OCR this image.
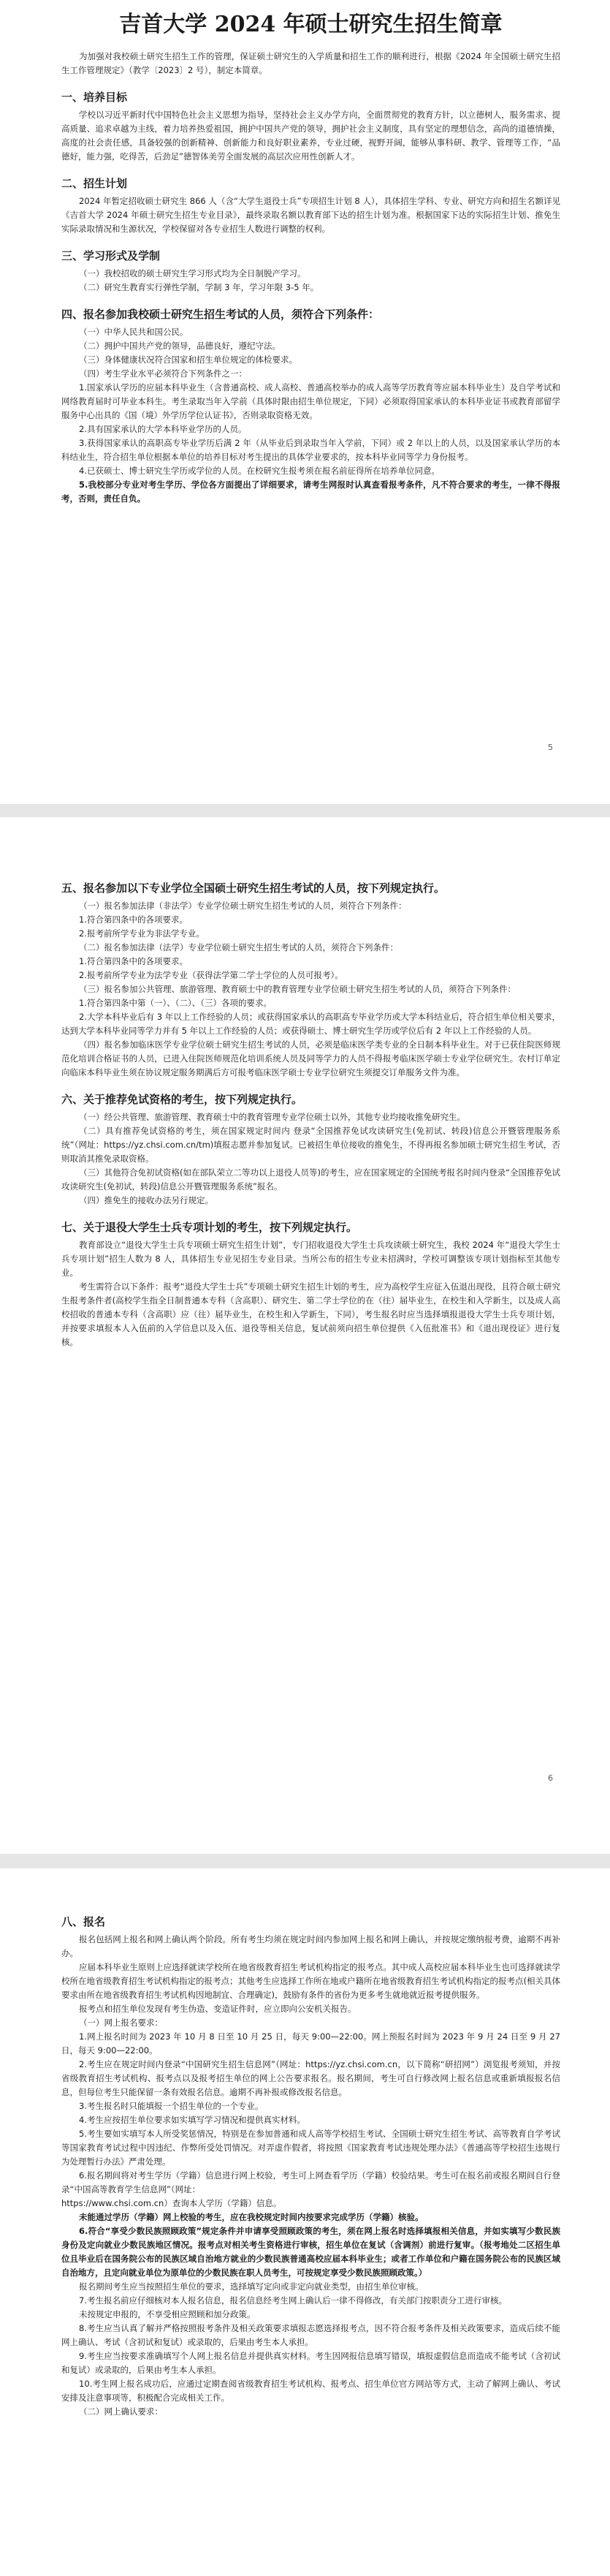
吉首大学 2024 年硕士研究生招生简章

为加强对我校硕士研究生招生工作的管理，保证硕士研究生的入学质量和招生工作的顺利进行，根据《2024 年全国硕士研究生招生工作管理规定》（教学〔2023〕2 号），制定本简章。

一、培养目标

学校以习近平新时代中国特色社会主义思想为指导，坚持社会主义办学方向，全面贯彻党的教育方针，以立德树人，服务需求、提高质量、追求卓越为主线，着力培养热爱祖国，拥护中国共产党的领导，拥护社会主义制度，具有坚定的理想信念，高尚的道德情操，高度的社会责任感，具备较强的创新精神、创新能力和良好职业素养，专业过硬，视野开阔，能够从事科研、教学、管理等工作，“品德好，能力强，吃得苦，后劲足”德智体美劳全面发展的高层次应用性创新人才。

二、招生计划

2024 年暂定招收硕士研究生 866 人（含“大学生退役士兵”专项招生计划 8 人），具体招生学科、专业、研究方向和招生名额详见《吉首大学 2024 年硕士研究生招生专业目录》，最终录取名额以教育部下达的招生计划为准。根据国家下达的实际招生计划、推免生实际录取情况和生源状况，学校保留对各专业招生人数进行调整的权利。

三、学习形式及学制

（一）我校招收的硕士研究生学习形式均为全日制脱产学习。

（二）研究生教育实行弹性学制，学制 3 年，学习年限 3-5 年。

四、报名参加我校硕士研究生招生考试的人员，须符合下列条件：

（一）中华人民共和国公民。

（二）拥护中国共产党的领导，品德良好，遵纪守法。

（三）身体健康状况符合国家和招生单位规定的体检要求。

（四）考生学业水平必须符合下列条件之一：

1.国家承认学历的应届本科毕业生（含普通高校、成人高校、普通高校举办的成人高等学历教育等应届本科毕业生）及自学考试和网络教育届时可毕业本科生。考生录取当年入学前（具体时限由招生单位规定，下同）必须取得国家承认的本科毕业证书或教育部留学服务中心出具的《国（境）外学历学位认证书》，否则录取资格无效。

2.具有国家承认的大学本科毕业学历的人员。

3.获得国家承认的高职高专毕业学历后满 2 年（从毕业后到录取当年入学前，下同）或 2 年以上的人员，以及国家承认学历的本科结业生，符合招生单位根据本单位的培养目标对考生提出的具体学业要求的，按本科毕业同等学力身份报考。

4.已获硕士、博士研究生学历或学位的人员。在校研究生报考须在报名前征得所在培养单位同意。

5.我校部分专业对考生学历、学位各方面提出了详细要求，请考生网报时认真查看报考条件，凡不符合要求的考生，一律不得报考，否则，责任自负。

5
五、报名参加以下专业学位全国硕士研究生招生考试的人员，按下列规定执行。

（一）报名参加法律（非法学）专业学位硕士研究生招生考试的人员，须符合下列条件：

1.符合第四条中的各项要求。

2.报考前所学专业为非法学专业。

（二）报名参加法律（法学）专业学位硕士研究生招生考试的人员，须符合下列条件：

1.符合第四条中的各项要求。

2.报考前所学专业为法学专业（获得法学第二学士学位的人员可报考）。

（三）报名参加公共管理、旅游管理、教育硕士中的教育管理专业学位硕士研究生招生考试的人员，须符合下列条件：

1.符合第四条中第（一）、（二）、（三）各项的要求。

2.大学本科毕业后有 3 年以上工作经验的人员；或获得国家承认的高职高专毕业学历或大学本科结业后，符合招生单位相关要求，达到大学本科毕业同等学力并有 5 年以上工作经验的人员；或获得硕士、博士研究生学历或学位后有 2 年以上工作经验的人员。

（四）报名参加临床医学专业学位硕士研究生招生考试的人员，必须是临床医学类专业的全日制本科毕业生。对于已获住院医师规范化培训合格证书的人员，已进入住院医师规范化培训系统人员及同等学力的人员不得报考临床医学硕士专业学位研究生。农村订单定向临床本科毕业生须在协议规定服务期满后方可报考临床医学硕士专业学位研究生须提交订单服务文件为准。

六、关于推荐免试资格的考生，按下列规定执行。

（一）经公共管理、旅游管理、教育硕士中的教育管理专业学位硕士以外，其他专业均接收推免研究生。

（二）具有推荐免试资格的考生，须在国家规定时间内 登录“全国推荐免试攻读研究生(免初试、转段)信息公开暨管理服务系统”（网址：https://yz.chsi.com.cn/tm)填报志愿并参加复试。已被招生单位接收的推免生，不得再报名参加硕士研究生招生考试，否则取消其推免录取资格。

（三）其他符合免初试资格(如在部队荣立二等功以上退役人员等)的考生，应在国家规定的全国统考报名时间内登录“全国推荐免试攻读研究生(免初试，转段)信息公开暨管理服务系统”报名。

（四）推免生的接收办法另行规定。

七、关于退役大学生士兵专项计划的考生，按下列规定执行。

教育部设立“退役大学生士兵专项硕士研究生招生计划”，专门招收退役大学生士兵攻读硕士研究生，我校 2024 年“退役大学生士兵专项计划”招生人数为 8 人，具体招生专业见招生专业目录。当所公布的招生专业未招满时，学校可调整该专项计划指标至其他专业。

考生需符合以下条件：报考“退役大学生士兵”专项硕士研究生招生计划的考生，应为高校学生应征入伍退出现役，且符合硕士研究生报考条件者(高校学生指全日制普通本专科（含高职）、研究生、第二学士学位的在（往）届毕业生，在校生和入学新生，以及成人高校招收的普通本专科（含高职）应（往）届毕业生，在校生和入学新生，下同），考生报名时应当选择填报退役大学生士兵专项计划，并按要求填报本人入伍前的入学信息以及入伍、退役等相关信息，复试前须向招生单位提供《入伍批准书》和《退出现役证》进行复核。

6
八、报名

报名包括网上报名和网上确认两个阶段。所有考生均须在规定时间内参加网上报名和网上确认，并按规定缴纳报考费，逾期不再补办。

应届本科毕业生原则上应选择就读学校所在地省级教育招生考试机构指定的报考点。其中成人高校应届本科毕业生也可选择就读学校所在地省级教育招生考试机构指定的报考点；其他考生应选择工作所在地或户籍所在地省级教育招生考试机构指定的报考点(相关具体要求由所在地省级教育招生考试机构因地制宜、合理确定)，鼓励有条件的省份为更多考生就地就近报考提供服务。

报考点和招生单位发现有考生伪造、变造证件时，应立即向公安机关报告。

（一）网上报名要求：

1.网上报名时间为 2023 年 10 月 8 日至 10 月 25 日，每天 9:00—22:00。网上预报名时间为 2023 年 9 月 24 日至 9 月 27 日，每天 9:00—22:00。

2.考生应在规定时间内登录“中国研究生招生信息网”（网址：https://yz.chsi.com.cn，以下简称“研招网”）浏览报考须知，并按省级教育招生考试机构、报考点以及报考招生单位的网上公告要求报名。报名期间，考生可自行修改网上报名信息或重新填报报名信息，但每位考生只能保留一条有效报名信息。逾期不再补报或修改报名信息。

3.考生报名时只能填报一个招生单位的一个专业。

4.考生应按招生单位要求如实填写学习情况和提供真实材料。

5.考生要如实填写本人所受奖惩情况，特别是在参加普通和成人高等学校招生考试、全国硕士研究生招生考试、高等教育自学考试等国家教育考试过程中因违纪、作弊所受处罚情况。对弄虚作假者，将按照《国家教育考试违规处理办法》《普通高等学校招生违规行为处理暂行办法》严肃处理。

6.报名期间将对考生学历（学籍）信息进行网上校验，考生可上网查看学历（学籍）校验结果。考生可在报名前或报名期间自行登录“中国高等教育学生信息网”（网址：

https://www.chsi.com.cn）查询本人学历（学籍）信息。

未能通过学历（学籍）网上校验的考生，应在我校规定时间内按要求完成学历（学籍）核验。

6.符合“享受少数民族照顾政策”规定条件并申请享受照顾政策的考生，须在网上报名时选择填报相关信息，并如实填写少数民族身份及定向就业少数民族地区情况。报考点对相关考生资格进行审核，招生单位在复试（含调剂）前进行复审。（报考地处二区招生单位且毕业后在国务院公布的民族区域自治地方就业的少数民族普通高校应届本科毕业生；或者工作单位和户籍在国务院公布的民族区域自治地方，且定向就业单位为原单位的少数民族在职人员考生，可按规定享受少数民族照顾政策。）

报名期间考生应当按照招生单位的要求，选择填写定向或非定向就业类型，由招生单位审核。

7.考生报名前应仔细核对本人报名信息，报名信息经考生网上确认后一律不得修改，有关部门按职责分工进行审核。

未按规定申报的，不享受相应照顾和加分政策。

8.考生应当认真了解并严格按照报考条件及相关政策要求填报志愿选择报考点，因不符合报考条件及相关政策要求，造成后续不能网上确认、考试（含初试和复试）或录取的，后果由考生本人承担。

9.考生应当按要求准确填写个人网上报名信息并提供真实材料。考生因网报信息填写错误，填报虚假信息而造成不能考试（含初试和复试）或录取的，后果由考生本人承担。

10.考生网上报名成功后，应通过定期查阅省级教育招生考试机构、报考点、招生单位官方网站等方式，主动了解网上确认、考试安排及注意事项等，积极配合完成相关工作。

（二）网上确认要求：
